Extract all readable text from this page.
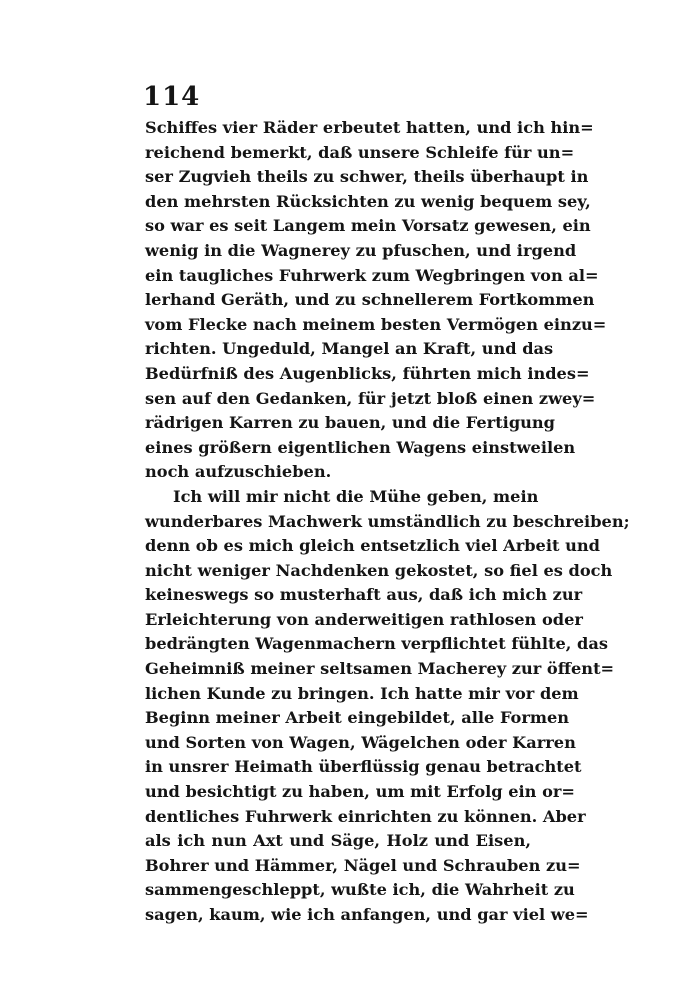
114
Schiffes vier Räder erbeutet hatten, und ich hin=
reichend bemerkt, daß unsere Schleife für un=
ser Zugvieh theils zu schwer, theils überhaupt in
den mehrsten Rücksichten zu wenig bequem sey,
so war es seit Langem mein Vorsatz gewesen, ein
wenig in die Wagnerey zu pfuschen, und irgend
ein taugliches Fuhrwerk zum Wegbringen von al=
lerhand Geräth, und zu schnellerem Fortkommen
vom Flecke nach meinem besten Vermögen einzu=
richten. Ungeduld, Mangel an Kraft, und das
Bedürfniß des Augenblicks, führten mich indes=
sen auf den Gedanken, für jetzt bloß einen zwey=
rädrigen Karren zu bauen, und die Fertigung
eines größern eigentlichen Wagens einstweilen
noch aufzuschieben.
Ich will mir nicht die Mühe geben, mein
wunderbares Machwerk umständlich zu beschreiben;
denn ob es mich gleich entsetzlich viel Arbeit und
nicht weniger Nachdenken gekostet, so fiel es doch
keineswegs so musterhaft aus, daß ich mich zur
Erleichterung von anderweitigen rathlosen oder
bedrängten Wagenmachern verpflichtet fühlte, das
Geheimniß meiner seltsamen Macherey zur öffent=
lichen Kunde zu bringen. Ich hatte mir vor dem
Beginn meiner Arbeit eingebildet, alle Formen
und Sorten von Wagen, Wägelchen oder Karren
in unsrer Heimath überflüssig genau betrachtet
und besichtigt zu haben, um mit Erfolg ein or=
dentliches Fuhrwerk einrichten zu können. Aber
als ich nun Axt und Säge, Holz und Eisen,
Bohrer und Hämmer, Nägel und Schrauben zu=
sammengeschleppt, wußte ich, die Wahrheit zu
sagen, kaum, wie ich anfangen, und gar viel we=
